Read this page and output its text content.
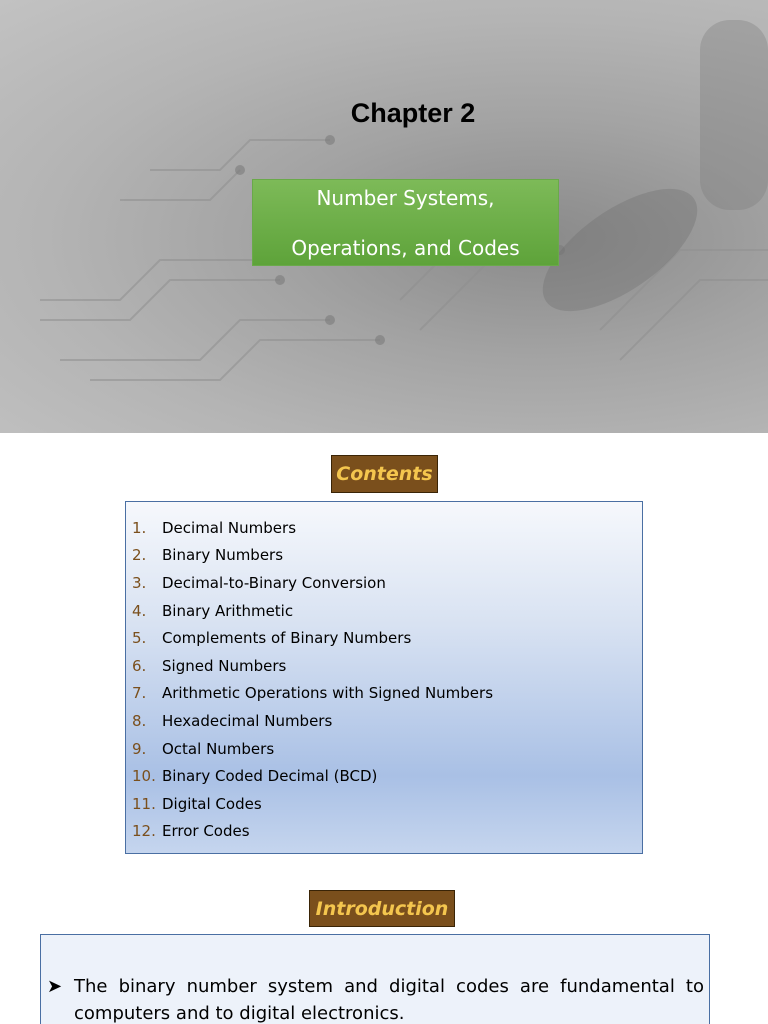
Chapter 2
Number Systems,
Operations, and Codes
Contents
1.	Decimal Numbers
2.	Binary Numbers
3.	Decimal-to-Binary Conversion
4.	Binary Arithmetic
5.	Complements of Binary Numbers
6.	Signed Numbers
7.	Arithmetic Operations with Signed Numbers
8.	Hexadecimal Numbers
9.	Octal Numbers
10. Binary Coded Decimal (BCD)
11. Digital Codes
12. Error Codes
Introduction
➤ The binary number system and digital codes are fundamental to computers and to digital electronics.
